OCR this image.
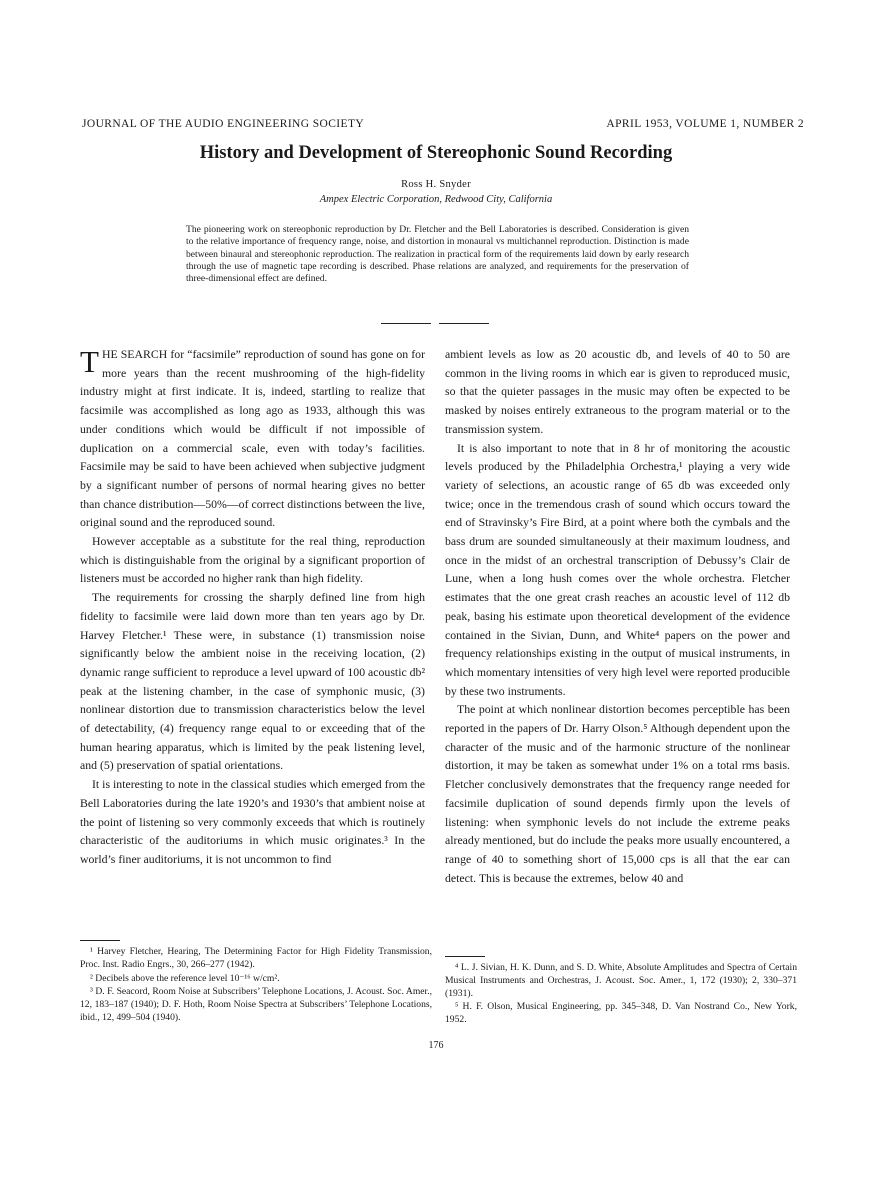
JOURNAL OF THE AUDIO ENGINEERING SOCIETY	APRIL 1953, VOLUME 1, NUMBER 2
History and Development of Stereophonic Sound Recording
Ross H. Snyder
Ampex Electric Corporation, Redwood City, California
The pioneering work on stereophonic reproduction by Dr. Fletcher and the Bell Laboratories is described. Consideration is given to the relative importance of frequency range, noise, and distortion in monaural vs multichannel reproduction. Distinction is made between binaural and stereophonic reproduction. The realization in practical form of the requirements laid down by early research through the use of magnetic tape recording is described. Phase relations are analyzed, and requirements for the preservation of three-dimensional effect are defined.

THE SEARCH for “facsimile” reproduction of sound has gone on for more years than the recent mushrooming of the high-fidelity industry might at first indicate. It is, indeed, startling to realize that facsimile was accomplished as long ago as 1933, although this was under conditions which would be difficult if not impossible of duplication on a commercial scale, even with today’s facilities. Facsimile may be said to have been achieved when subjective judgment by a significant number of persons of normal hearing gives no better than chance distribution—50%—of correct distinctions between the live, original sound and the reproduced sound.

However acceptable as a substitute for the real thing, reproduction which is distinguishable from the original by a significant proportion of listeners must be accorded no higher rank than high fidelity.

The requirements for crossing the sharply defined line from high fidelity to facsimile were laid down more than ten years ago by Dr. Harvey Fletcher.¹ These were, in substance (1) transmission noise significantly below the ambient noise in the receiving location, (2) dynamic range sufficient to reproduce a level upward of 100 acoustic db² peak at the listening chamber, in the case of symphonic music, (3) nonlinear distortion due to transmission characteristics below the level of detectability, (4) frequency range equal to or exceeding that of the human hearing apparatus, which is limited by the peak listening level, and (5) preservation of spatial orientations.

It is interesting to note in the classical studies which emerged from the Bell Laboratories during the late 1920’s and 1930’s that ambient noise at the point of listening so very commonly exceeds that which is routinely characteristic of the auditoriums in which music originates.³ In the world’s finer auditoriums, it is not uncommon to find

ambient levels as low as 20 acoustic db, and levels of 40 to 50 are common in the living rooms in which ear is given to reproduced music, so that the quieter passages in the music may often be expected to be masked by noises entirely extraneous to the program material or to the transmission system.

It is also important to note that in 8 hr of monitoring the acoustic levels produced by the Philadelphia Orchestra,¹ playing a very wide variety of selections, an acoustic range of 65 db was exceeded only twice; once in the tremendous crash of sound which occurs toward the end of Stravinsky’s Fire Bird, at a point where both the cymbals and the bass drum are sounded simultaneously at their maximum loudness, and once in the midst of an orchestral transcription of Debussy’s Clair de Lune, when a long hush comes over the whole orchestra. Fletcher estimates that the one great crash reaches an acoustic level of 112 db peak, basing his estimate upon theoretical development of the evidence contained in the Sivian, Dunn, and White⁴ papers on the power and frequency relationships existing in the output of musical instruments, in which momentary intensities of very high level were reported producible by these two instruments.

The point at which nonlinear distortion becomes perceptible has been reported in the papers of Dr. Harry Olson.⁵ Although dependent upon the character of the music and of the harmonic structure of the nonlinear distortion, it may be taken as somewhat under 1% on a total rms basis. Fletcher conclusively demonstrates that the frequency range needed for facsimile duplication of sound depends firmly upon the levels of listening: when symphonic levels do not include the extreme peaks already mentioned, but do include the peaks more usually encountered, a range of 40 to something short of 15,000 cps is all that the ear can detect. This is because the extremes, below 40 and

¹ Harvey Fletcher, Hearing, The Determining Factor for High Fidelity Transmission, Proc. Inst. Radio Engrs., 30, 266–277 (1942).

² Decibels above the reference level 10⁻¹⁶ w/cm².

³ D. F. Seacord, Room Noise at Subscribers’ Telephone Locations, J. Acoust. Soc. Amer., 12, 183–187 (1940); D. F. Hoth, Room Noise Spectra at Subscribers’ Telephone Locations, ibid., 12, 499–504 (1940).

⁴ L. J. Sivian, H. K. Dunn, and S. D. White, Absolute Amplitudes and Spectra of Certain Musical Instruments and Orchestras, J. Acoust. Soc. Amer., 1, 172 (1930); 2, 330–371 (1931).

⁵ H. F. Olson, Musical Engineering, pp. 345–348, D. Van Nostrand Co., New York, 1952.

176
